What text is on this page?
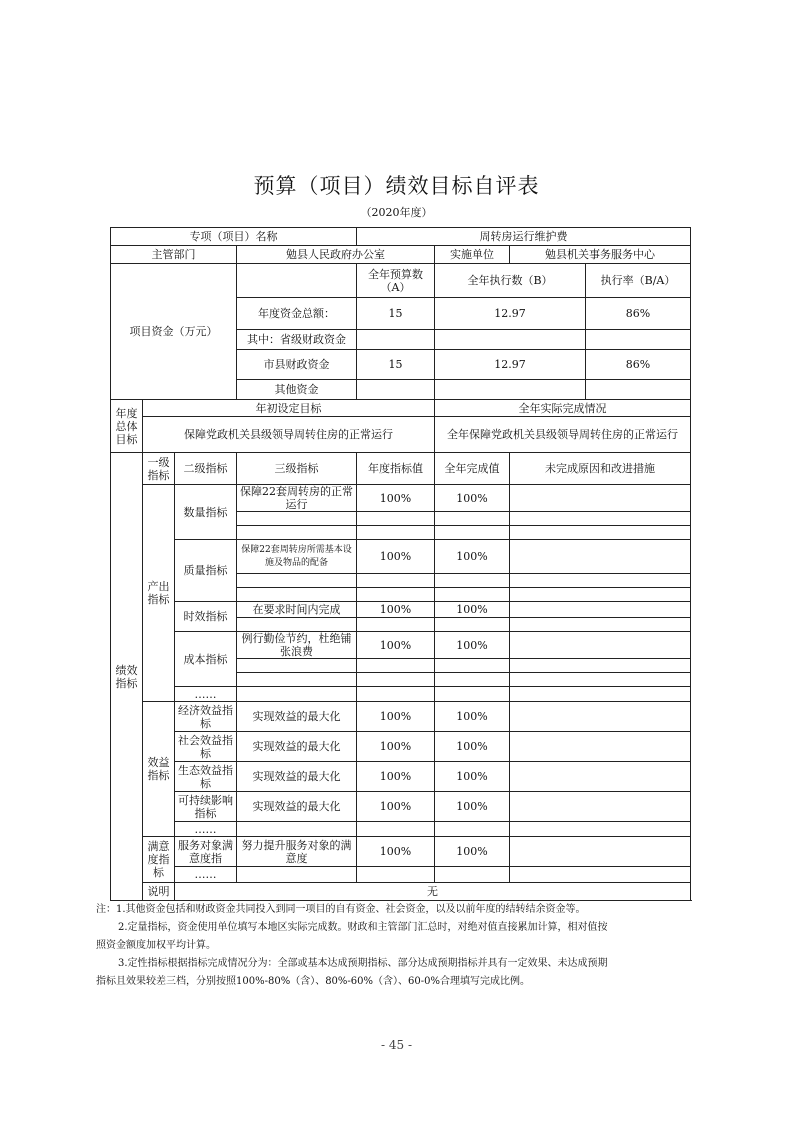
预算（项目）绩效目标自评表
（2020年度）
专项（项目）名称				周转房运行维护费			
主管部门			勉县人民政府办公室		实施单位	勉县机关事务服务中心	
项目资金（万元）				全年预算数（A）	全年执行数（B）		执行率（B/A）
			年度资金总额：	15	12.97		86%
			其中：省级财政资金				
			市县财政资金	15	12.97		86%
			其他资金				
年度总体目标	年初设定目标				全年实际完成情况		
	保障党政机关县级领导周转住房的正常运行				全年保障党政机关县级领导周转住房的正常运行		
绩效指标	一级指标	二级指标	三级指标	年度指标值	全年完成值	未完成原因和改进措施	
	产出指标	数量指标	保障22套周转房的正常运行	100%	100%		

		质量指标	保障22套周转房所需基本设施及物品的配备	100%	100%		

		时效指标	在要求时间内完成	100%	100%		

		成本指标	例行勤俭节约，杜绝铺张浪费	100%	100%		

		……					
	效益指标	经济效益指标	实现效益的最大化	100%	100%		
		社会效益指标	实现效益的最大化	100%	100%		
		生态效益指标	实现效益的最大化	100%	100%		
		可持续影响指标	实现效益的最大化	100%	100%		
		……					
	满意度指标	服务对象满意度指	努力提升服务对象的满意度	100%	100%		
		……					
	说明	无					

注：1.其他资金包括和财政资金共同投入到同一项目的自有资金、社会资金，以及以前年度的结转结余资金等。

2.定量指标，资金使用单位填写本地区实际完成数。财政和主管部门汇总时，对绝对值直接累加计算，相对值按

照资金额度加权平均计算。

3.定性指标根据指标完成情况分为：全部或基本达成预期指标、部分达成预期指标并具有一定效果、未达成预期

指标且效果较差三档，分别按照100%-80%（含）、80%-60%（含）、60-0%合理填写完成比例。

- 45 -
